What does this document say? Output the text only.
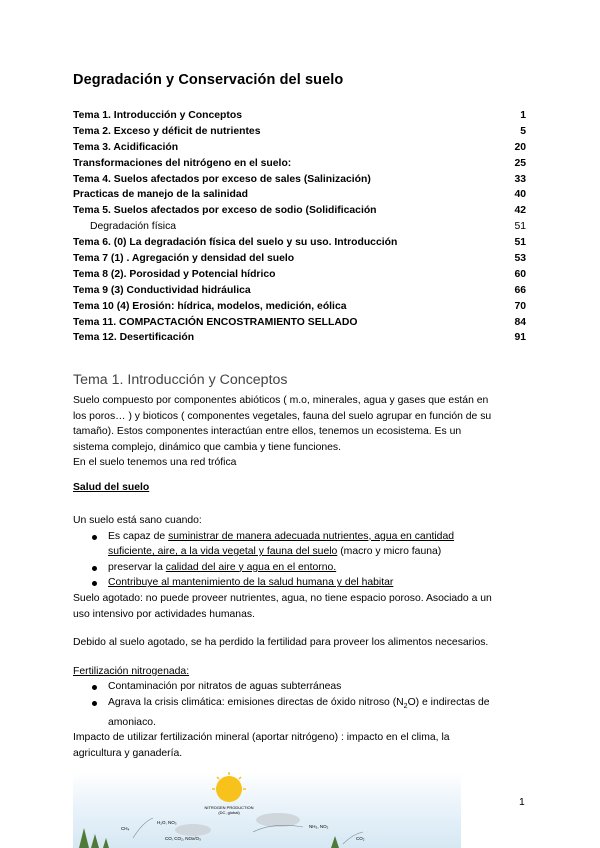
Degradación y Conservación del suelo
Tema 1. Introducción y Conceptos	1
Tema 2. Exceso y déficit de nutrientes	5
Tema 3. Acidificación	20
Transformaciones del nitrógeno en el suelo:	25
Tema 4. Suelos afectados por exceso de sales (Salinización)	33
Practicas de manejo de la salinidad	40
Tema 5. Suelos afectados por exceso de sodio (Solidificación	42
Degradación física	51
Tema 6. (0) La degradación física del suelo y su uso. Introducción	51
Tema 7 (1) . Agregación y densidad del suelo	53
Tema 8 (2). Porosidad y Potencial hídrico	60
Tema 9 (3) Conductividad hidráulica	66
Tema 10 (4) Erosión: hídrica, modelos, medición, eólica	70
Tema 11. COMPACTACIÓN ENCOSTRAMIENTO SELLADO	84
Tema 12. Desertificación	91
Tema 1. Introducción y Conceptos
Suelo compuesto por componentes abióticos ( m.o, minerales, agua y gases que están en
los poros… ) y bioticos ( componentes vegetales, fauna del suelo agrupar en función de su
tamaño). Estos componentes interactúan entre ellos, tenemos un ecosistema. Es un
sistema complejo, dinámico que cambia y tiene funciones.
En el suelo tenemos una red trófica
Salud del suelo
Un suelo está sano cuando:
Es capaz de suministrar de manera adecuada nutrientes, agua en cantidad
suficiente, aire, a la vida vegetal y fauna del suelo (macro y micro fauna)
preservar la calidad del aire y agua en el entorno.
Contribuye al mantenimiento de la salud humana y del habitar
Suelo agotado: no puede proveer nutrientes, agua, no tiene espacio poroso. Asociado a un
uso intensivo por actividades humanas.
Debido al suelo agotado, se ha perdido la fertilidad para proveer los alimentos necesarios.
Fertilización nitrogenada:
Contaminación por nitratos de aguas subterráneas
Agrava la crisis climática: emisiones directas de óxido nitroso $(N_2O)$ e indirectas de
amoniaco.
Impacto de utilizar fertilización mineral (aportar nitrógeno) : impacto en el clima, la
agricultura y ganadería.
NITROGEN PRODUCTION
(DC, global)
H₂O, NO₃
CH₄
CO, CO₂, NOx/O₃
NH₃, NO₂
CO₂
1
